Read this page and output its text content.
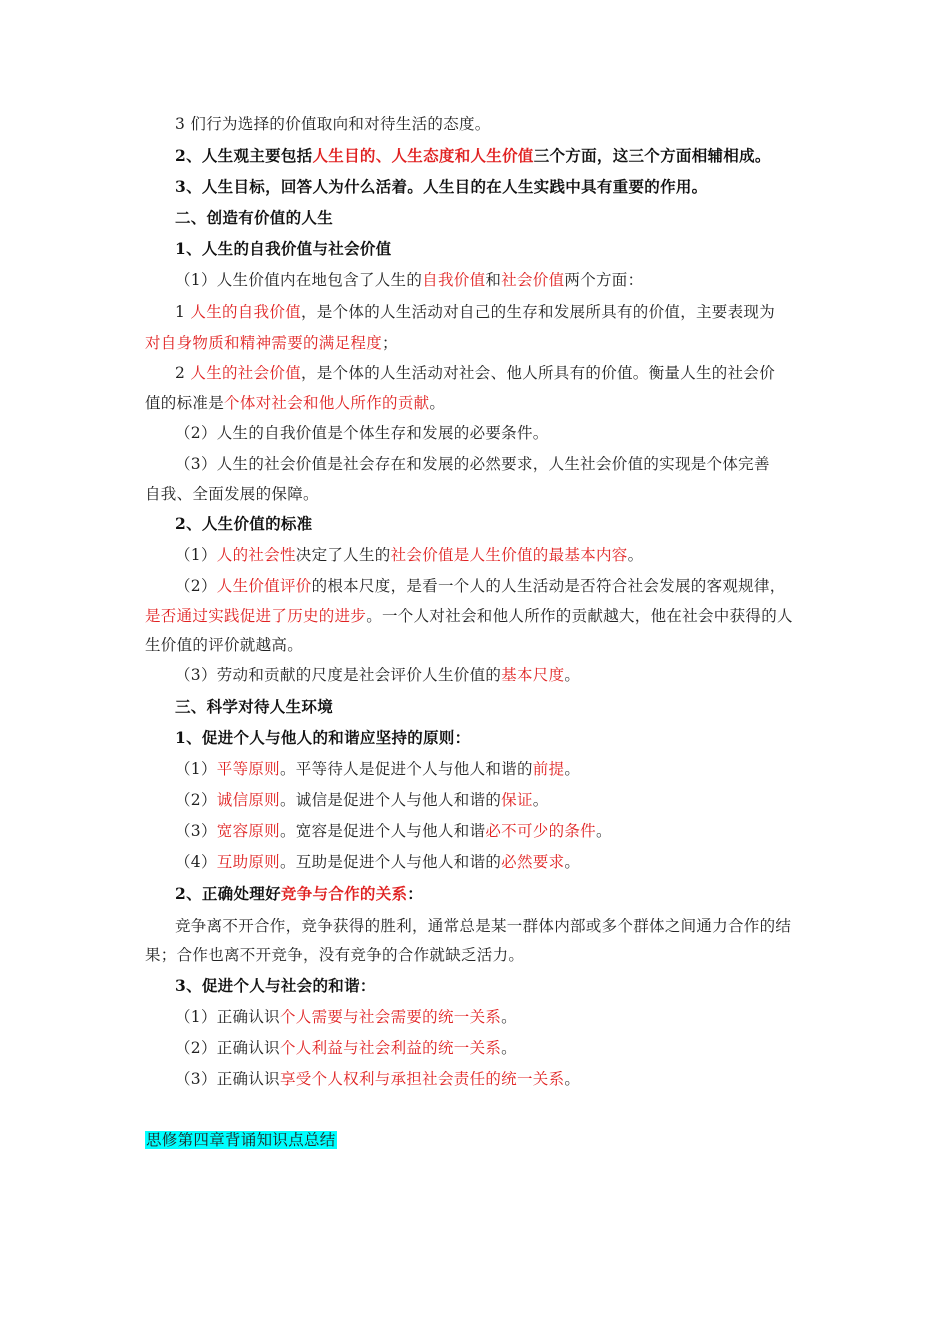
3 们行为选择的价值取向和对待生活的态度。
2、人生观主要包括人生目的、人生态度和人生价值三个方面，这三个方面相辅相成。
3、人生目标，回答人为什么活着。人生目的在人生实践中具有重要的作用。
二、创造有价值的人生
1、人生的自我价值与社会价值
（1）人生价值内在地包含了人生的自我价值和社会价值两个方面：
1 人生的自我价值，是个体的人生活动对自己的生存和发展所具有的价值，主要表现为
对自身物质和精神需要的满足程度；
2 人生的社会价值，是个体的人生活动对社会、他人所具有的价值。衡量人生的社会价
值的标准是个体对社会和他人所作的贡献。
（2）人生的自我价值是个体生存和发展的必要条件。
（3）人生的社会价值是社会存在和发展的必然要求，人生社会价值的实现是个体完善
自我、全面发展的保障。
2、人生价值的标准
（1）人的社会性决定了人生的社会价值是人生价值的最基本内容。
（2）人生价值评价的根本尺度，是看一个人的人生活动是否符合社会发展的客观规律，
是否通过实践促进了历史的进步。一个人对社会和他人所作的贡献越大，他在社会中获得的人
生价值的评价就越高。
（3）劳动和贡献的尺度是社会评价人生价值的基本尺度。
三、科学对待人生环境
1、促进个人与他人的和谐应坚持的原则：
（1）平等原则。平等待人是促进个人与他人和谐的前提。
（2）诚信原则。诚信是促进个人与他人和谐的保证。
（3）宽容原则。宽容是促进个人与他人和谐必不可少的条件。
（4）互助原则。互助是促进个人与他人和谐的必然要求。
2、正确处理好竞争与合作的关系：
竞争离不开合作，竞争获得的胜利，通常总是某一群体内部或多个群体之间通力合作的结
果；合作也离不开竞争，没有竞争的合作就缺乏活力。
3、促进个人与社会的和谐：
（1）正确认识个人需要与社会需要的统一关系。
（2）正确认识个人利益与社会利益的统一关系。
（3）正确认识享受个人权利与承担社会责任的统一关系。
思修第四章背诵知识点总结
